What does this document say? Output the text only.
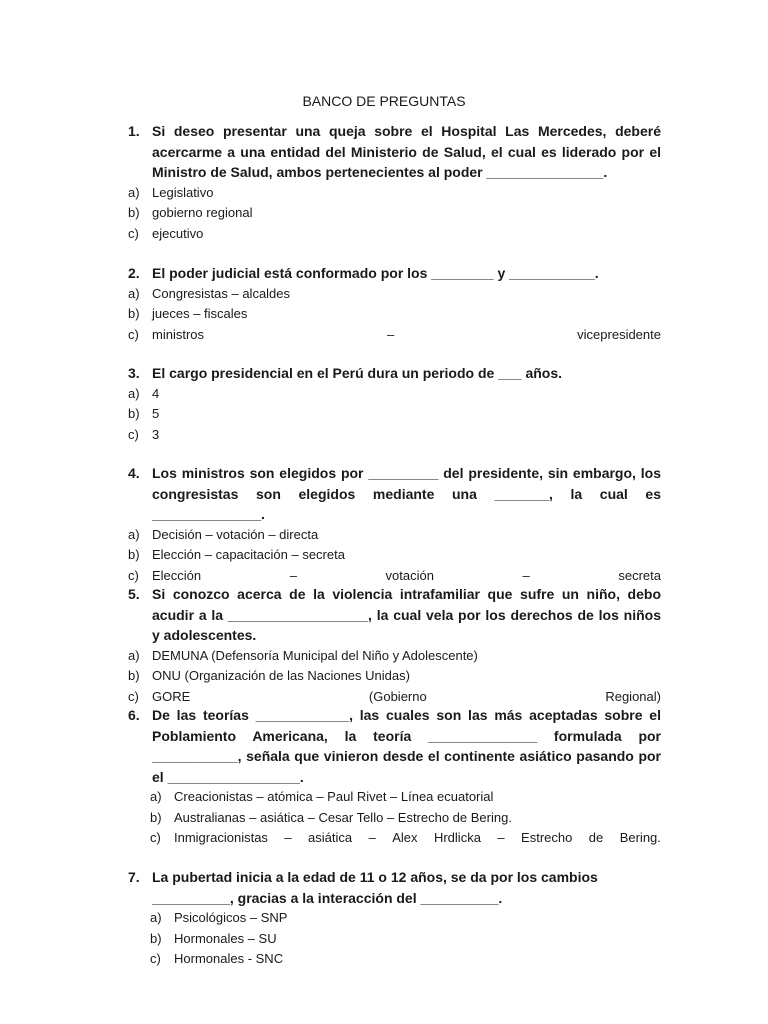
BANCO DE PREGUNTAS
1. Si deseo presentar una queja sobre el Hospital Las Mercedes, deberé acercarme a una entidad del Ministerio de Salud, el cual es liderado por el Ministro de Salud, ambos pertenecientes al poder _______________.
a) Legislativo
b) gobierno regional
c) ejecutivo
2. El poder judicial está conformado por los ________ y ___________.
a) Congresistas – alcaldes
b) jueces – fiscales
c) ministros	–	vicepresidente
3. El cargo presidencial en el Perú dura un periodo de ___ años.
a) 4
b) 5
c) 3
4. Los ministros son elegidos por _________ del presidente, sin embargo, los congresistas son elegidos mediante una _______, la cual es ______________.
a) Decisión – votación – directa
b) Elección – capacitación – secreta
c) Elección	–	votación	–	secreta
5. Si conozco acerca de la violencia intrafamiliar que sufre un niño, debo acudir a la __________________, la cual vela por los derechos de los niños y adolescentes.
a) DEMUNA (Defensoría Municipal del Niño y Adolescente)
b) ONU (Organización de las Naciones Unidas)
c) GORE	(Gobierno	Regional)
6. De las teorías ____________, las cuales son las más aceptadas sobre el Poblamiento Americana, la teoría ______________ formulada por ___________, señala que vinieron desde el continente asiático pasando por el _________________.
a) Creacionistas – atómica – Paul Rivet – Línea ecuatorial
b) Australianas – asiática – Cesar Tello – Estrecho de Bering.
c) Inmigracionistas – asiática – Alex Hrdlicka – Estrecho de Bering.
7. La pubertad inicia a la edad de 11 o 12 años, se da por los cambios __________, gracias a la interacción del __________.
a) Psicológicos – SNP
b) Hormonales – SU
c) Hormonales - SNC
